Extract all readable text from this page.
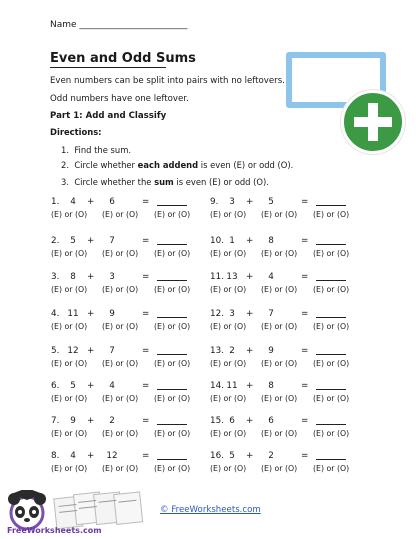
Name ________________________
Even and Odd Sums
Even numbers can be split into pairs with no leftovers.
Odd numbers have one leftover.
Part 1: Add and Classify
Directions:
1. Find the sum.
2. Circle whether each addend is even (E) or odd (O).
3. Circle whether the sum is even (E) or odd (O).
1.	4	+	6	=
(E) or (O) (E) or (O) (E) or (O)
2.	5	+	7	=
(E) or (O) (E) or (O) (E) or (O)
3.	8	+	3	=
(E) or (O) (E) or (O) (E) or (O)
4. 11 +	9	=
(E) or (O) (E) or (O) (E) or (O)
5. 12 +	7	=
(E) or (O) (E) or (O) (E) or (O)
6.	5	+	4	=
(E) or (O) (E) or (O) (E) or (O)
7.	9	+	2	=
(E) or (O) (E) or (O) (E) or (O)
8.	4	+ 12	=
(E) or (O) (E) or (O) (E) or (O)
9.	3	+	5	=
(E) or (O) (E) or (O) (E) or (O)
10. 1	+	8	=
(E) or (O) (E) or (O) (E) or (O)
11. 13 +	4	=
(E) or (O) (E) or (O) (E) or (O)
12. 3	+	7	=
(E) or (O) (E) or (O) (E) or (O)
13. 2	+	9	=
(E) or (O) (E) or (O) (E) or (O)
14. 11 +	8	=
(E) or (O) (E) or (O) (E) or (O)
15. 6	+	6	=
(E) or (O) (E) or (O) (E) or (O)
16. 5	+	2	=
(E) or (O) (E) or (O) (E) or (O)
FreeWorksheets.com
© FreeWorksheets.com
